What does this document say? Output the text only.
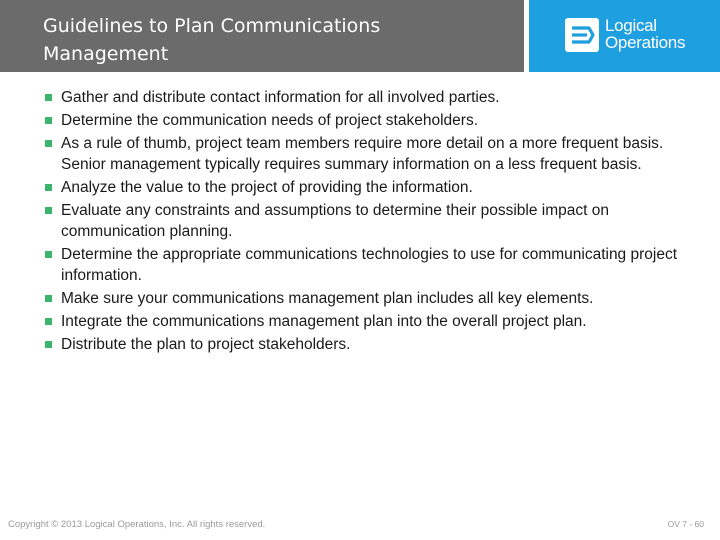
Guidelines to Plan Communications
Management
Logical
Operations
Gather and distribute contact information for all involved parties.
Determine the communication needs of project stakeholders.
As a rule of thumb, project team members require more detail on a more frequent basis. Senior management typically requires summary information on a less frequent basis.
Analyze the value to the project of providing the information.
Evaluate any constraints and assumptions to determine their possible impact on communication planning.
Determine the appropriate communications technologies to use for communicating project information.
Make sure your communications management plan includes all key elements.
Integrate the communications management plan into the overall project plan.
Distribute the plan to project stakeholders.
Copyright © 2013 Logical Operations, Inc. All rights reserved.	OV 7 - 60
